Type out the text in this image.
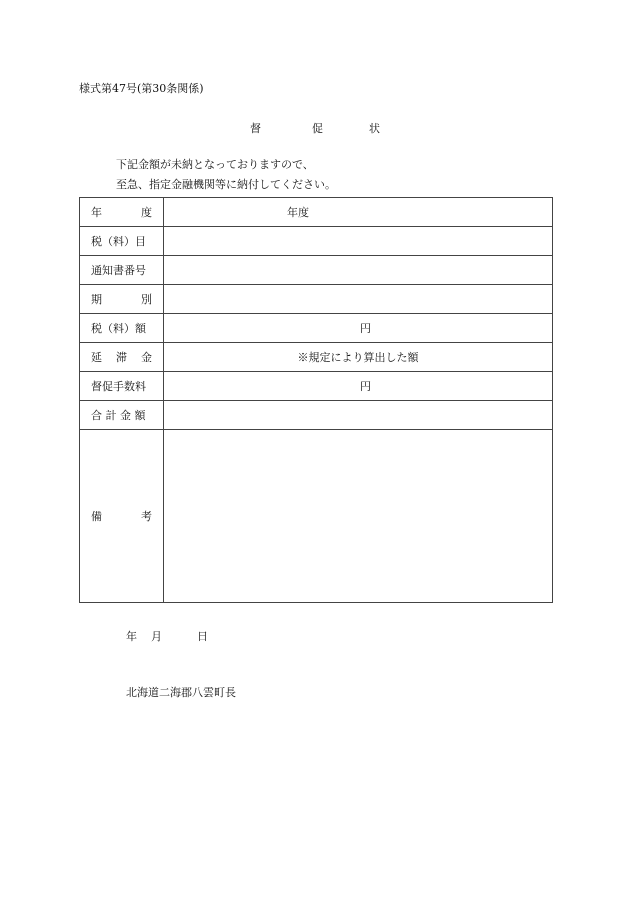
様式第47号(第30条関係)
督	促	状
下記金額が未納となっておりますので、
至急、指定金融機関等に納付してください。
年 度	年度

税（料）目	

通知書番号	

期 別	

税（料）額	円

延 滞 金	※規定により算出した額

督促手数料	円

合 計 金 額	

備 考	

年 月	日
北海道二海郡八雲町長
